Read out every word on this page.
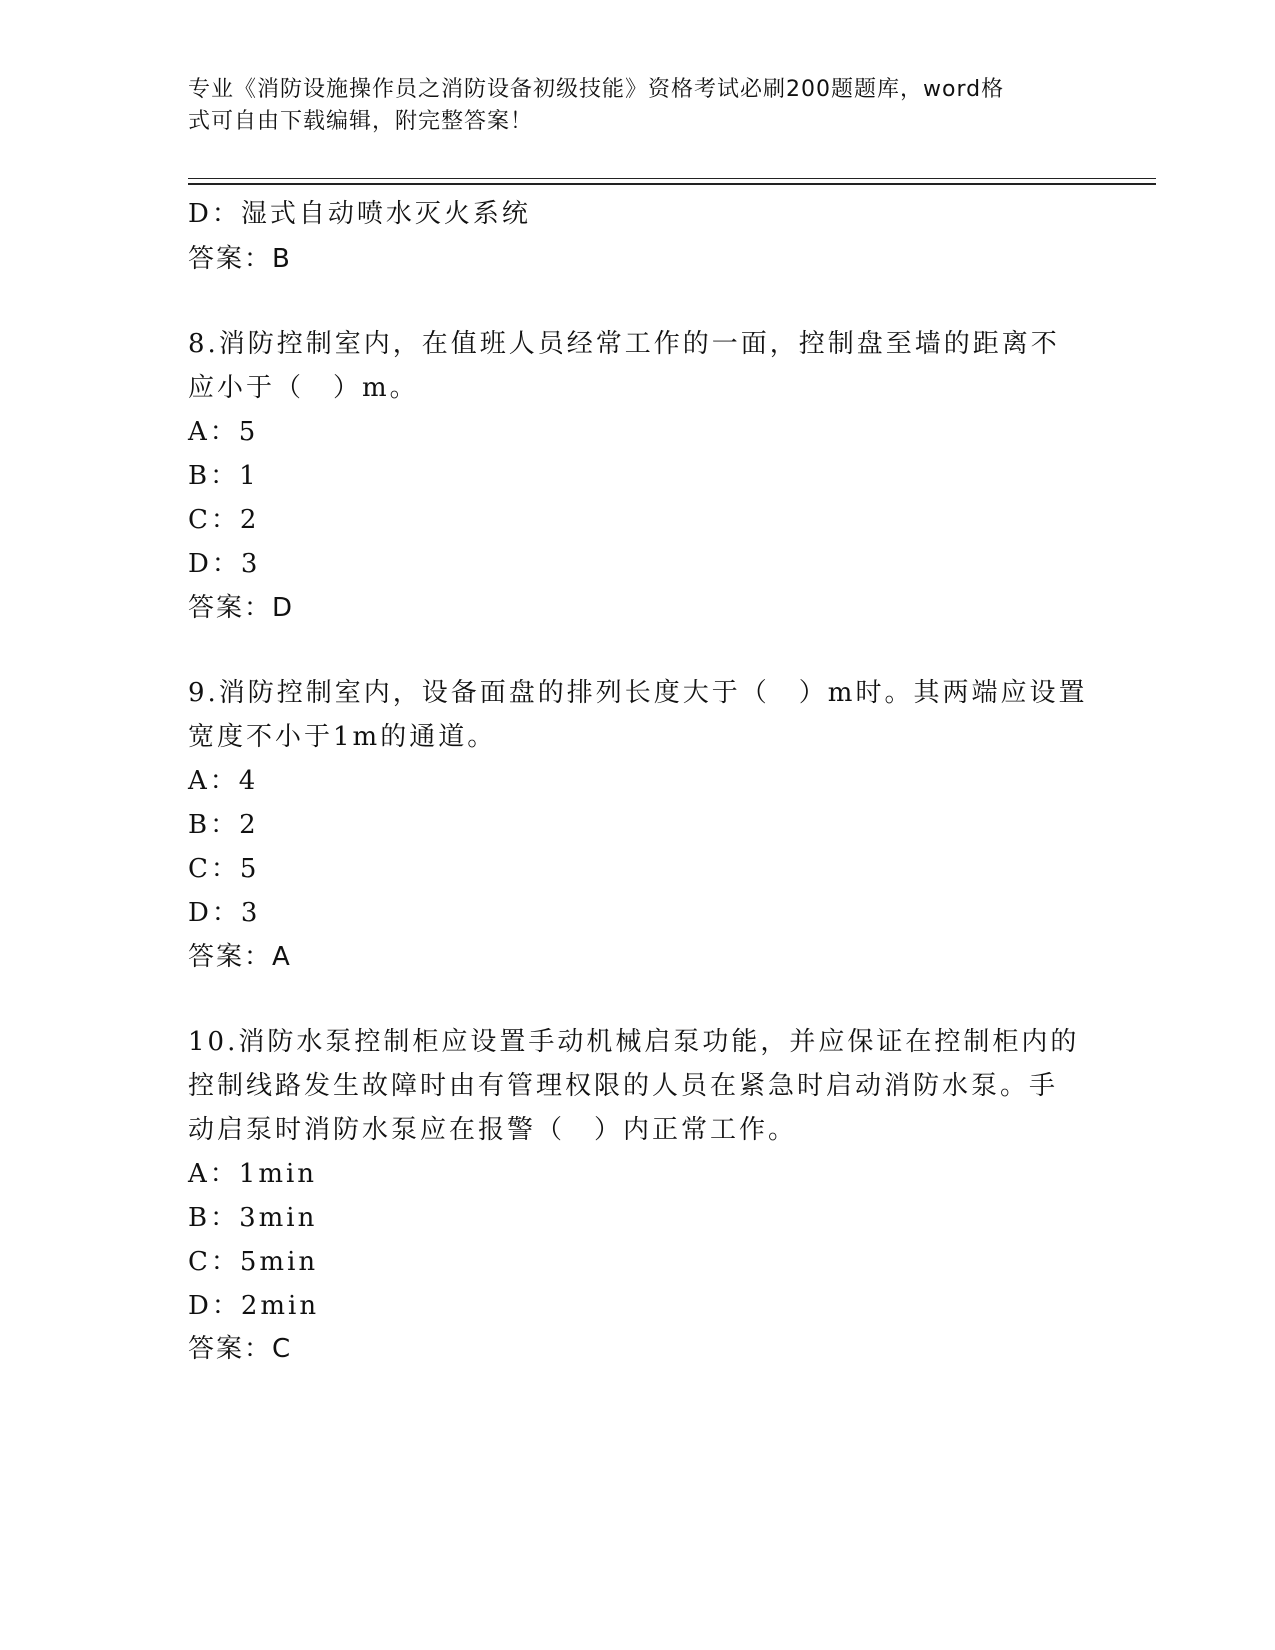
专业《消防设施操作员之消防设备初级技能》资格考试必刷200题题库，word格
式可自由下载编辑，附完整答案！
D：湿式自动喷水灭火系统
答案：B
8.消防控制室内，在值班人员经常工作的一面，控制盘至墙的距离不
应小于（　）m。
A：5
B：1
C：2
D：3
答案：D
9.消防控制室内，设备面盘的排列长度大于（　）m时。其两端应设置
宽度不小于1m的通道。
A：4
B：2
C：5
D：3
答案：A
10.消防水泵控制柜应设置手动机械启泵功能，并应保证在控制柜内的
控制线路发生故障时由有管理权限的人员在紧急时启动消防水泵。手
动启泵时消防水泵应在报警（　）内正常工作。
A：1min
B：3min
C：5min
D：2min
答案：C
